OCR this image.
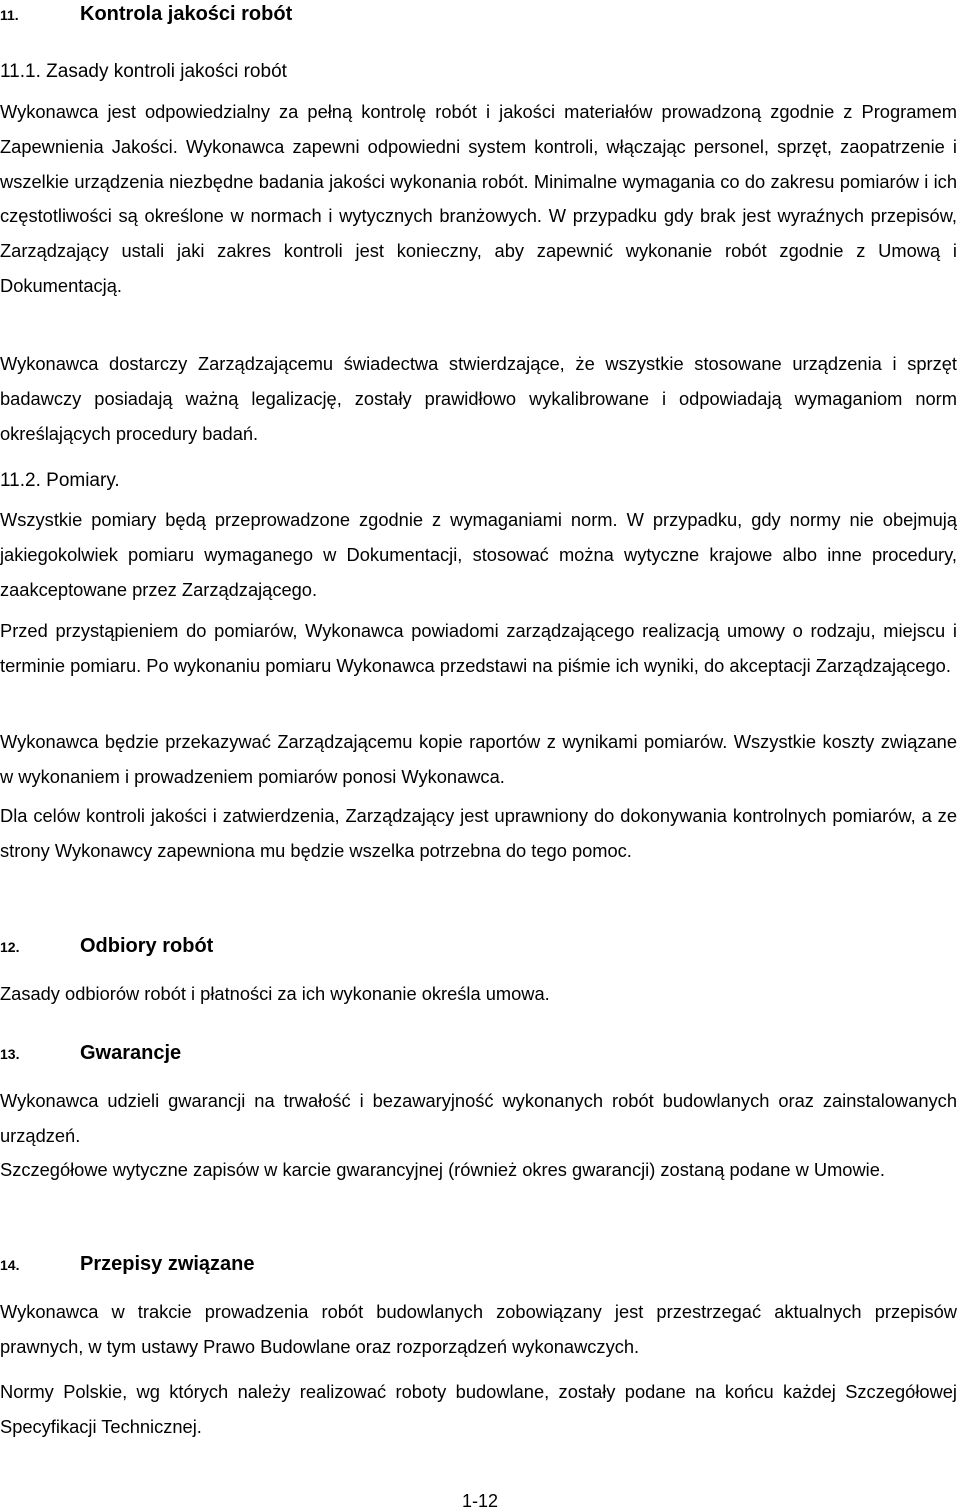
11.	Kontrola jakości robót
11.1. Zasady kontroli jakości robót
Wykonawca jest odpowiedzialny za pełną kontrolę robót i jakości materiałów prowadzoną zgodnie z Programem Zapewnienia Jakości. Wykonawca zapewni odpowiedni system kontroli, włączając personel, sprzęt, zaopatrzenie i wszelkie urządzenia niezbędne badania jakości wykonania robót. Minimalne wymagania co do zakresu pomiarów i ich częstotliwości są określone w normach i wytycznych branżowych. W przypadku gdy brak jest wyraźnych przepisów, Zarządzający ustali jaki zakres kontroli jest konieczny, aby zapewnić wykonanie robót zgodnie z Umową i Dokumentacją.
Wykonawca dostarczy Zarządzającemu świadectwa stwierdzające, że wszystkie stosowane urządzenia i sprzęt badawczy posiadają ważną legalizację, zostały prawidłowo wykalibrowane i odpowiadają wymaganiom norm określających procedury badań.
11.2. Pomiary.
Wszystkie pomiary będą przeprowadzone zgodnie z wymaganiami norm. W przypadku, gdy normy nie obejmują jakiegokolwiek pomiaru wymaganego w Dokumentacji, stosować można wytyczne krajowe albo inne procedury, zaakceptowane przez Zarządzającego.
Przed przystąpieniem do pomiarów, Wykonawca powiadomi zarządzającego realizacją umowy o rodzaju, miejscu i terminie pomiaru. Po wykonaniu pomiaru Wykonawca przedstawi na piśmie ich wyniki, do akceptacji Zarządzającego.
Wykonawca będzie przekazywać Zarządzającemu kopie raportów z wynikami pomiarów. Wszystkie koszty związane w wykonaniem i prowadzeniem pomiarów ponosi Wykonawca.
Dla celów kontroli jakości i zatwierdzenia, Zarządzający jest uprawniony do dokonywania kontrolnych pomiarów, a ze strony Wykonawcy zapewniona mu będzie wszelka potrzebna do tego pomoc.
12.	Odbiory robót
Zasady odbiorów robót i płatności za ich wykonanie określa umowa.
13.	Gwarancje
Wykonawca udzieli gwarancji na trwałość i bezawaryjność wykonanych robót budowlanych oraz zainstalowanych urządzeń.
Szczegółowe wytyczne zapisów w karcie gwarancyjnej (również okres gwarancji) zostaną podane w Umowie.
14.	Przepisy związane
Wykonawca w trakcie prowadzenia robót budowlanych zobowiązany jest przestrzegać aktualnych przepisów prawnych, w tym ustawy Prawo Budowlane oraz rozporządzeń wykonawczych.
Normy Polskie, wg których należy realizować roboty budowlane, zostały podane na końcu każdej Szczegółowej Specyfikacji Technicznej.
1-12
